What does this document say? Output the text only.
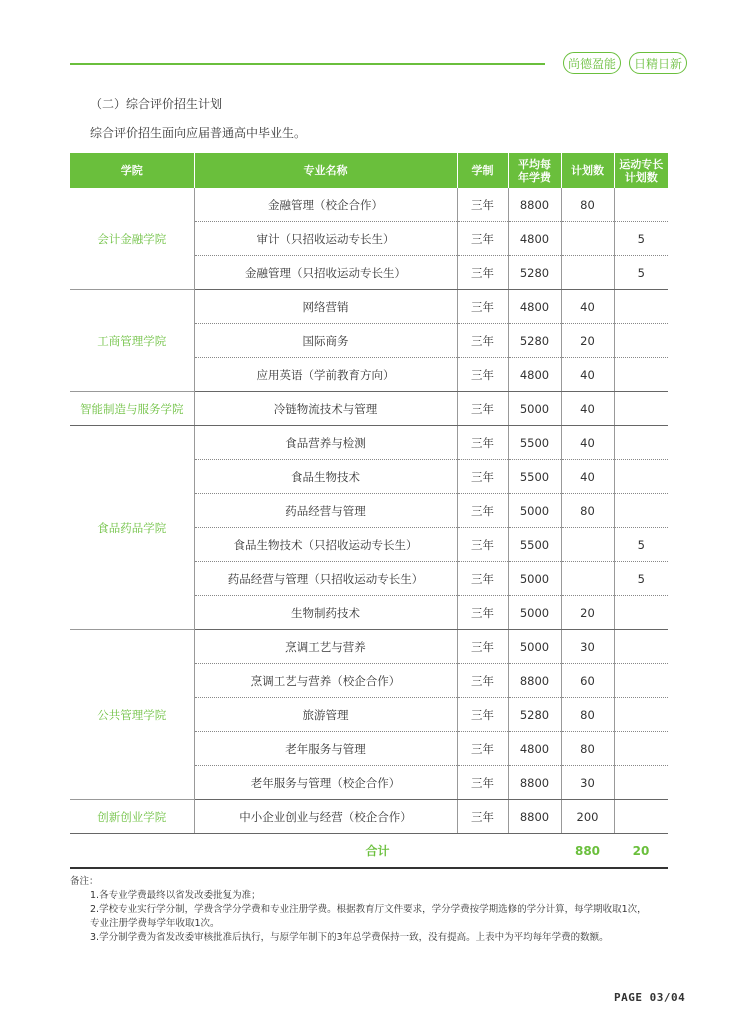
尚德盈能	日精日新
（二）综合评价招生计划
综合评价招生面向应届普通高中毕业生。
学院	专业名称	学制	平均每年学费	计划数	运动专长计划数

会计金融学院	金融管理（校企合作）	三年	8800	80	
	审计（只招收运动专长生）	三年	4800		5
	金融管理（只招收运动专长生）	三年	5280		5
工商管理学院	网络营销	三年	4800	40	
	国际商务	三年	5280	20	
	应用英语（学前教育方向）	三年	4800	40	
智能制造与服务学院	冷链物流技术与管理	三年	5000	40	
食品药品学院	食品营养与检测	三年	5500	40	
	食品生物技术	三年	5500	40	
	药品经营与管理	三年	5000	80	
	食品生物技术（只招收运动专长生）	三年	5500		5
	药品经营与管理（只招收运动专长生）	三年	5000		5
	生物制药技术	三年	5000	20	
公共管理学院	烹调工艺与营养	三年	5000	30	
	烹调工艺与营养（校企合作）	三年	8800	60	
	旅游管理	三年	5280	80	
	老年服务与管理	三年	4800	80	
	老年服务与管理（校企合作）	三年	8800	30	
创新创业学院	中小企业创业与经营（校企合作）	三年	8800	200	
	合计			880	20
备注：
1.各专业学费最终以省发改委批复为准；
2.学校专业实行学分制，学费含学分学费和专业注册学费。根据教育厅文件要求，学分学费按学期选修的学分计算，每学期收取1次，
专业注册学费每学年收取1次。
3.学分制学费为省发改委审核批准后执行，与原学年制下的3年总学费保持一致，没有提高。上表中为平均每年学费的数额。
PAGE 03/04
